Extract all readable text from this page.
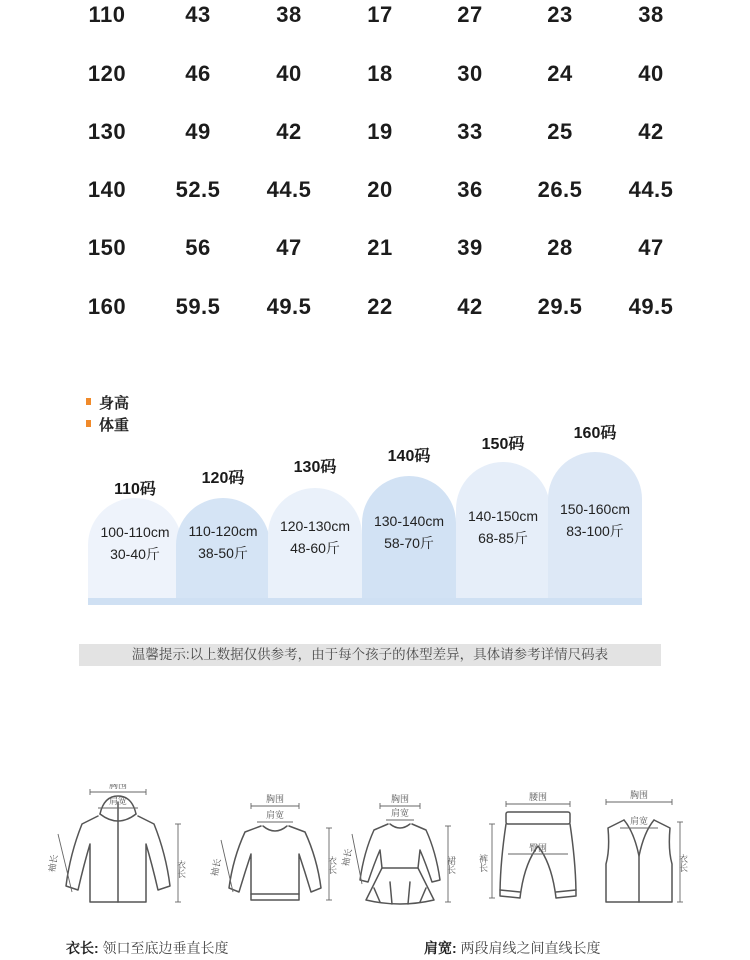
110	43	38	17	27	23	38
120	46	40	18	30	24	40
130	49	42	19	33	25	42
140	52.5	44.5	20	36	26.5	44.5
150	56	47	21	39	28	47
160	59.5	49.5	22	42	29.5	49.5
身高
体重
110码
100-110cm
30-40斤
120码
110-120cm
38-50斤
130码
120-130cm
48-60斤
140码
130-140cm
58-70斤
150码
140-150cm
68-85斤
160码
150-160cm
83-100斤
温馨提示:以上数据仅供参考，由于每个孩子的体型差异，具体请参考详情尺码表
胸围
肩宽
袖长	衣长
胸围
肩宽
袖长	衣长
胸围
肩宽
袖长	裙长
腰围
臀围
裤长
胸围
肩宽
衣长
衣长: 领口至底边垂直长度	肩宽: 两段肩线之间直线长度
